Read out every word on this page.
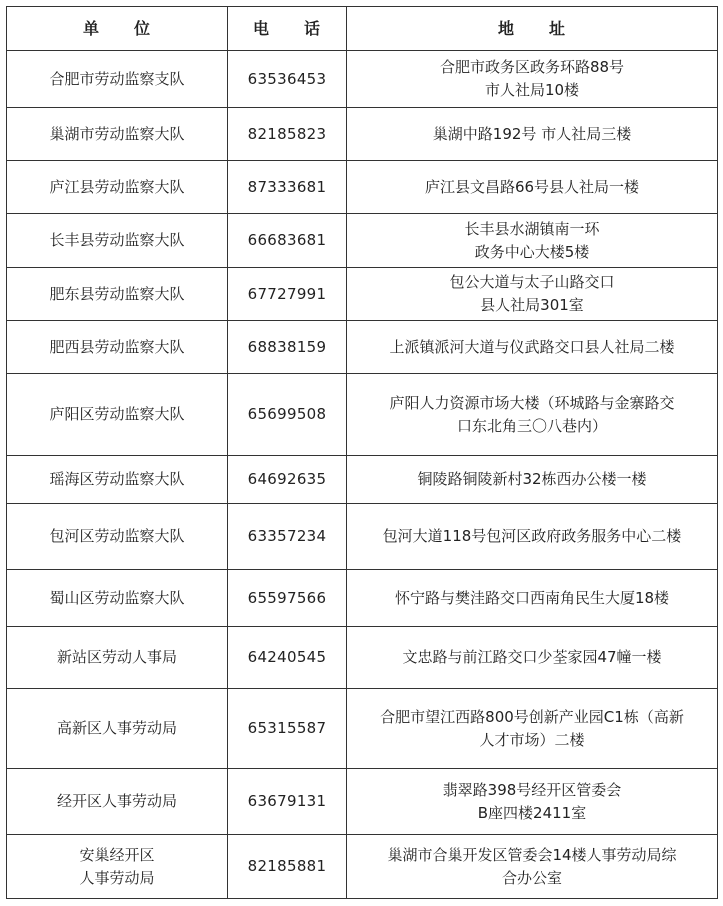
单　　位	电　　话	地　　址

合肥市劳动监察支队	63536453	合肥市政务区政务环路88号
市人社局10楼

巢湖市劳动监察大队	82185823	巢湖中路192号 市人社局三楼

庐江县劳动监察大队	87333681	庐江县文昌路66号县人社局一楼

长丰县劳动监察大队	66683681	长丰县水湖镇南一环
政务中心大楼5楼

肥东县劳动监察大队	67727991	包公大道与太子山路交口
县人社局301室

肥西县劳动监察大队	68838159	上派镇派河大道与仪武路交口县人社局二楼

庐阳区劳动监察大队	65699508	庐阳人力资源市场大楼（环城路与金寨路交
口东北角三〇八巷内）

瑶海区劳动监察大队	64692635	铜陵路铜陵新村32栋西办公楼一楼

包河区劳动监察大队	63357234	包河大道118号包河区政府政务服务中心二楼

蜀山区劳动监察大队	65597566	怀宁路与樊洼路交口西南角民生大厦18楼

新站区劳动人事局	64240545	文忠路与前江路交口少荃家园47幢一楼

高新区人事劳动局	65315587	合肥市望江西路800号创新产业园C1栋（高新
人才市场）二楼

经开区人事劳动局	63679131	翡翠路398号经开区管委会
B座四楼2411室

安巢经开区
人事劳动局	82185881	巢湖市合巢开发区管委会14楼人事劳动局综
合办公室
